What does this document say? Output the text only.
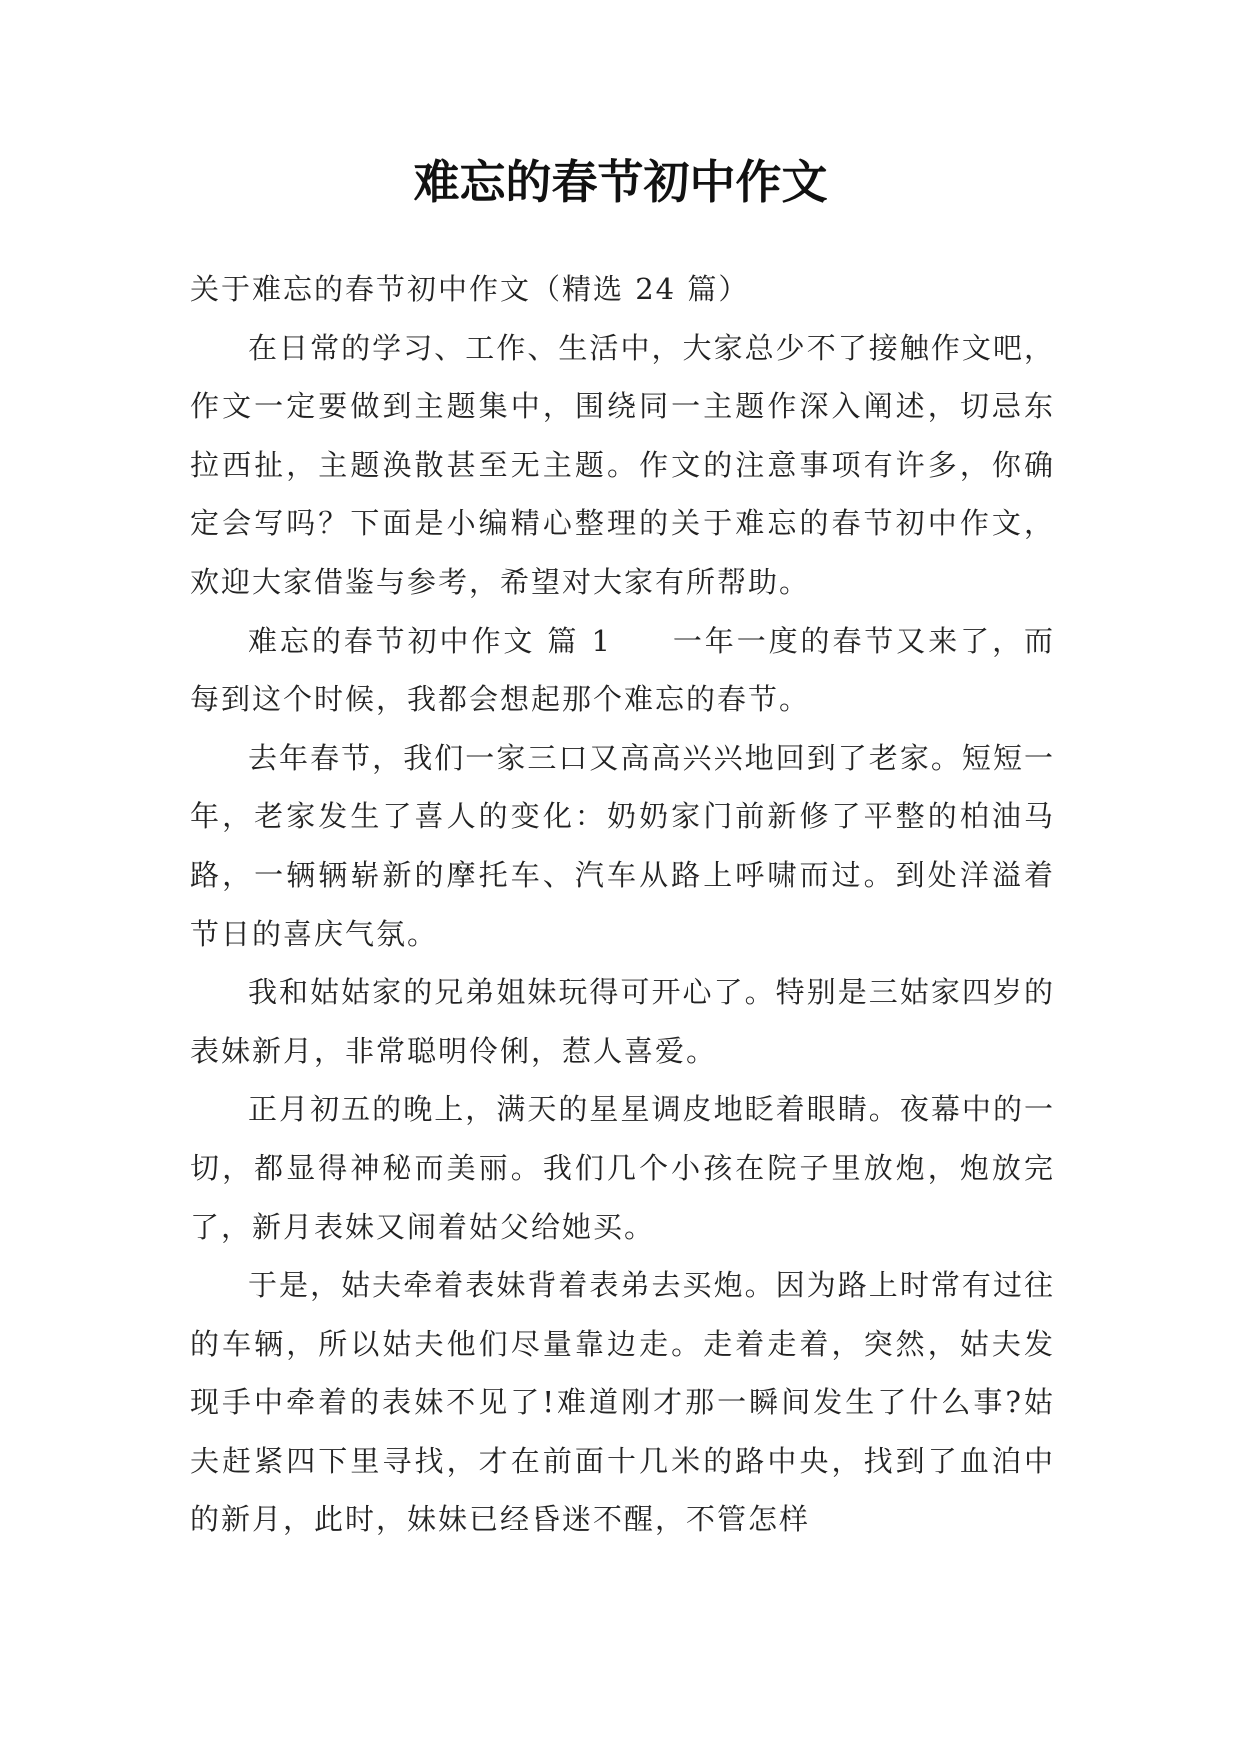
难忘的春节初中作文

关于难忘的春节初中作文（精选 24 篇）

在日常的学习、工作、生活中，大家总少不了接触作文吧，作文一定要做到主题集中，围绕同一主题作深入阐述，切忌东拉西扯，主题涣散甚至无主题。作文的注意事项有许多，你确定会写吗？下面是小编精心整理的关于难忘的春节初中作文，欢迎大家借鉴与参考，希望对大家有所帮助。

难忘的春节初中作文 篇 1 一年一度的春节又来了，而每到这个时候，我都会想起那个难忘的春节。

去年春节，我们一家三口又高高兴兴地回到了老家。短短一年，老家发生了喜人的变化：奶奶家门前新修了平整的柏油马路，一辆辆崭新的摩托车、汽车从路上呼啸而过。到处洋溢着节日的喜庆气氛。

我和姑姑家的兄弟姐妹玩得可开心了。特别是三姑家四岁的表妹新月，非常聪明伶俐，惹人喜爱。

正月初五的晚上，满天的星星调皮地眨着眼睛。夜幕中的一切，都显得神秘而美丽。我们几个小孩在院子里放炮，炮放完了，新月表妹又闹着姑父给她买。

于是，姑夫牵着表妹背着表弟去买炮。因为路上时常有过往的车辆，所以姑夫他们尽量靠边走。走着走着，突然，姑夫发现手中牵着的表妹不见了!难道刚才那一瞬间发生了什么事?姑夫赶紧四下里寻找，才在前面十几米的路中央，找到了血泊中的新月，此时，妹妹已经昏迷不醒，不管怎样
